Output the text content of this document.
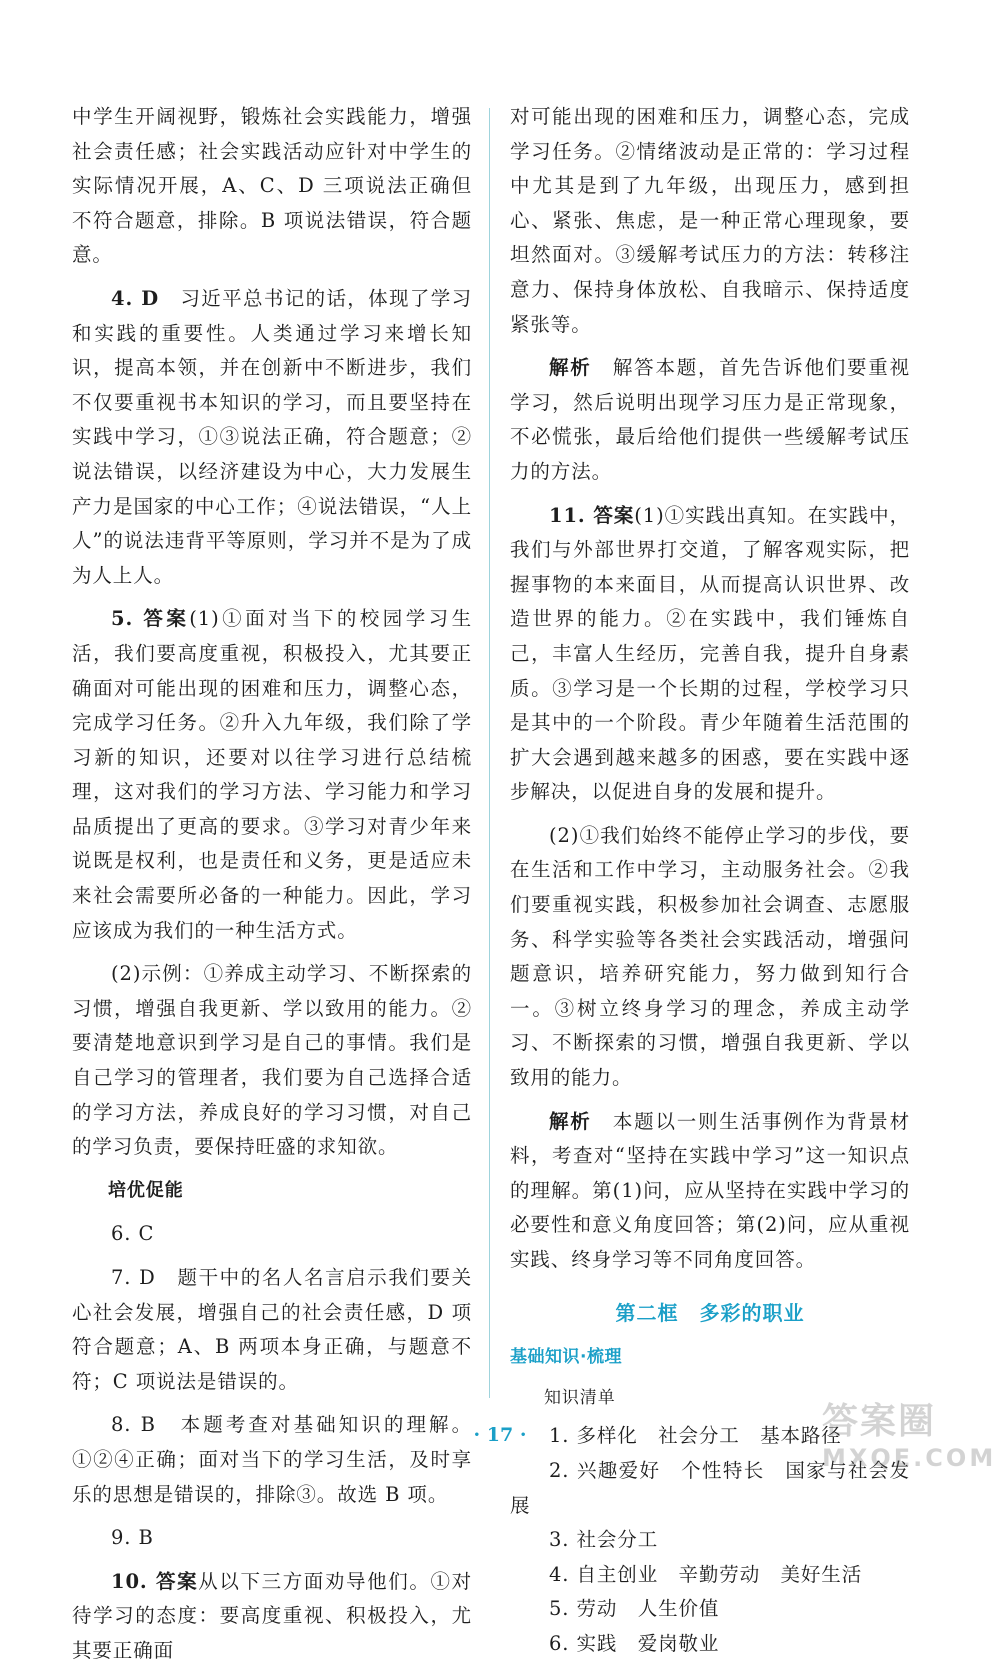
中学生开阔视野，锻炼社会实践能力，增强社会责任感；社会实践活动应针对中学生的实际情况开展，A、C、D 三项说法正确但不符合题意，排除。B 项说法错误，符合题意。

4. D　习近平总书记的话，体现了学习和实践的重要性。人类通过学习来增长知识，提高本领，并在创新中不断进步，我们不仅要重视书本知识的学习，而且要坚持在实践中学习，①③说法正确，符合题意；②说法错误，以经济建设为中心，大力发展生产力是国家的中心工作；④说法错误，“人上人”的说法违背平等原则，学习并不是为了成为人上人。

5. 答案(1)①面对当下的校园学习生活，我们要高度重视，积极投入，尤其要正确面对可能出现的困难和压力，调整心态，完成学习任务。②升入九年级，我们除了学习新的知识，还要对以往学习进行总结梳理，这对我们的学习方法、学习能力和学习品质提出了更高的要求。③学习对青少年来说既是权利，也是责任和义务，更是适应未来社会需要所必备的一种能力。因此，学习应该成为我们的一种生活方式。

(2)示例：①养成主动学习、不断探索的习惯，增强自我更新、学以致用的能力。②要清楚地意识到学习是自己的事情。我们是自己学习的管理者，我们要为自己选择合适的学习方法，养成良好的学习习惯，对自己的学习负责，要保持旺盛的求知欲。

培优促能

6. C

7. D　题干中的名人名言启示我们要关心社会发展，增强自己的社会责任感，D 项符合题意；A、B 两项本身正确，与题意不符；C 项说法是错误的。

8. B　本题考查对基础知识的理解。①②④正确；面对当下的学习生活，及时享乐的思想是错误的，排除③。故选 B 项。

9. B

10. 答案从以下三方面劝导他们。①对待学习的态度：要高度重视、积极投入，尤其要正确面

对可能出现的困难和压力，调整心态，完成学习任务。②情绪波动是正常的：学习过程中尤其是到了九年级，出现压力，感到担心、紧张、焦虑，是一种正常心理现象，要坦然面对。③缓解考试压力的方法：转移注意力、保持身体放松、自我暗示、保持适度紧张等。

解析　 解答本题，首先告诉他们要重视学习，然后说明出现学习压力是正常现象，不必慌张，最后给他们提供一些缓解考试压力的方法。

11. 答案(1)①实践出真知。在实践中，我们与外部世界打交道，了解客观实际，把握事物的本来面目，从而提高认识世界、改造世界的能力。②在实践中，我们锤炼自己，丰富人生经历，完善自我，提升自身素质。③学习是一个长期的过程，学校学习只是其中的一个阶段。青少年随着生活范围的扩大会遇到越来越多的困惑，要在实践中逐步解决，以促进自身的发展和提升。

(2)①我们始终不能停止学习的步伐，要在生活和工作中学习，主动服务社会。②我们要重视实践，积极参加社会调查、志愿服务、科学实验等各类社会实践活动，增强问题意识，培养研究能力，努力做到知行合一。③树立终身学习的理念，养成主动学习、不断探索的习惯，增强自我更新、学以致用的能力。

解析　 本题以一则生活事例作为背景材料，考查对“坚持在实践中学习”这一知识点的理解。第(1)问，应从坚持在实践中学习的必要性和意义角度回答；第(2)问，应从重视实践、终身学习等不同角度回答。

第二框　多彩的职业
基础知识·梳理
知识清单

1. 多样化　社会分工　基本路径

2. 兴趣爱好　个性特长　国家与社会发展

3. 社会分工

4. 自主创业　辛勤劳动　美好生活

5. 劳动　人生价值

6. 实践　爱岗敬业

· 17 ·	答案圈
MXQE.COM
